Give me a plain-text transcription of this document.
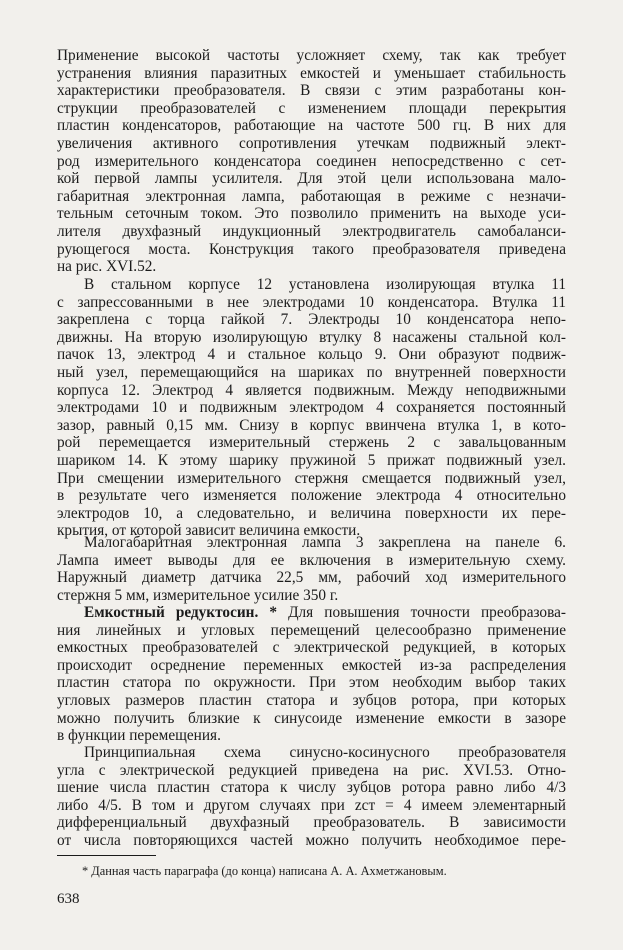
Применение высокой частоты усложняет схему, так как требует
устранения влияния паразитных емкостей и уменьшает стабильность
характеристики преобразователя. В связи с этим разработаны кон-
струкции преобразователей с изменением площади перекрытия
пластин конденсаторов, работающие на частоте 500 гц. В них для
увеличения активного сопротивления утечкам подвижный элект-
род измерительного конденсатора соединен непосредственно с сет-
кой первой лампы усилителя. Для этой цели использована мало-
габаритная электронная лампа, работающая в режиме с незначи-
тельным сеточным током. Это позволило применить на выходе уси-
лителя двухфазный индукционный электродвигатель самобаланси-
рующегося моста. Конструкция такого преобразователя приведена
на рис. XVI.52.
В стальном корпусе 12 установлена изолирующая втулка 11
с запрессованными в нее электродами 10 конденсатора. Втулка 11
закреплена с торца гайкой 7. Электроды 10 конденсатора непо-
движны. На вторую изолирующую втулку 8 насажены стальной кол-
пачок 13, электрод 4 и стальное кольцо 9. Они образуют подвиж-
ный узел, перемещающийся на шариках по внутренней поверхности
корпуса 12. Электрод 4 является подвижным. Между неподвижными
электродами 10 и подвижным электродом 4 сохраняется постоянный
зазор, равный 0,15 мм. Снизу в корпус ввинчена втулка 1, в кото-
рой перемещается измерительный стержень 2 с завальцованным
шариком 14. К этому шарику пружиной 5 прижат подвижный узел.
При смещении измерительного стержня смещается подвижный узел,
в результате чего изменяется положение электрода 4 относительно
электродов 10, а следовательно, и величина поверхности их пере-
крытия, от которой зависит величина емкости.
Малогабаритная электронная лампа 3 закреплена на панеле 6.
Лампа имеет выводы для ее включения в измерительную схему.
Наружный диаметр датчика 22,5 мм, рабочий ход измерительного
стержня 5 мм, измерительное усилие 350 г.
Емкостный редуктосин. * Для повышения точности преобразова-
ния линейных и угловых перемещений целесообразно применение
емкостных преобразователей с электрической редукцией, в которых
происходит осреднение переменных емкостей из-за распределения
пластин статора по окружности. При этом необходим выбор таких
угловых размеров пластин статора и зубцов ротора, при которых
можно получить близкие к синусоиде изменение емкости в зазоре
в функции перемещения.
Принципиальная схема синусно-косинусного преобразователя
угла с электрической редукцией приведена на рис. XVI.53. Отно-
шение числа пластин статора к числу зубцов ротора равно либо 4/3
либо 4/5. В том и другом случаях при zст = 4 имеем элементарный
дифференциальный двухфазный преобразователь. В зависимости
от числа повторяющихся частей можно получить необходимое пере-
* Данная часть параграфа (до конца) написана А. А. Ахметжановым.
638
